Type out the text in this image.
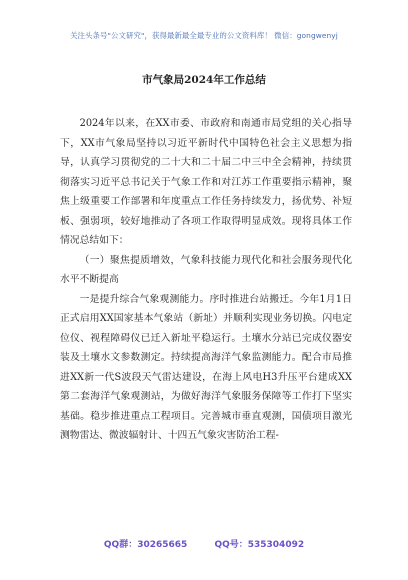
关注头条号"公文研究"，获得最新最全最专业的公文资料库！ 微信：gongwenyj
市气象局2024年工作总结

2024年以来，在XX市委、市政府和南通市局党组的关心指导下，XX市气象局坚持以习近平新时代中国特色社会主义思想为指导，认真学习贯彻党的二十大和二十届二中三中全会精神，持续贯彻落实习近平总书记关于气象工作和对江苏工作重要指示精神，聚焦上级重要工作部署和年度重点工作任务持续发力，扬优势、补短板、强弱项，较好地推动了各项工作取得明显成效。现将具体工作情况总结如下：

（一）聚焦提质增效，气象科技能力现代化和社会服务现代化水平不断提高

一是提升综合气象观测能力。序时推进台站搬迁。今年1月1日正式启用XX国家基本气象站（新址）并顺利实现业务切换。闪电定位仪、视程障碍仪已迁入新址平稳运行。土壤水分站已完成仪器安装及土壤水文参数测定。持续提高海洋气象监测能力。配合市局推进XX新一代S波段天气雷达建设，在海上风电H3升压平台建成XX第二套海洋气象观测站，为做好海洋气象服务保障等工作打下坚实基础。稳步推进重点工程项目。完善城市垂直观测，国债项目激光测物雷达、微波辐射计、十四五气象灾害防治工程-

QQ群：30265665	QQ号：535304092
